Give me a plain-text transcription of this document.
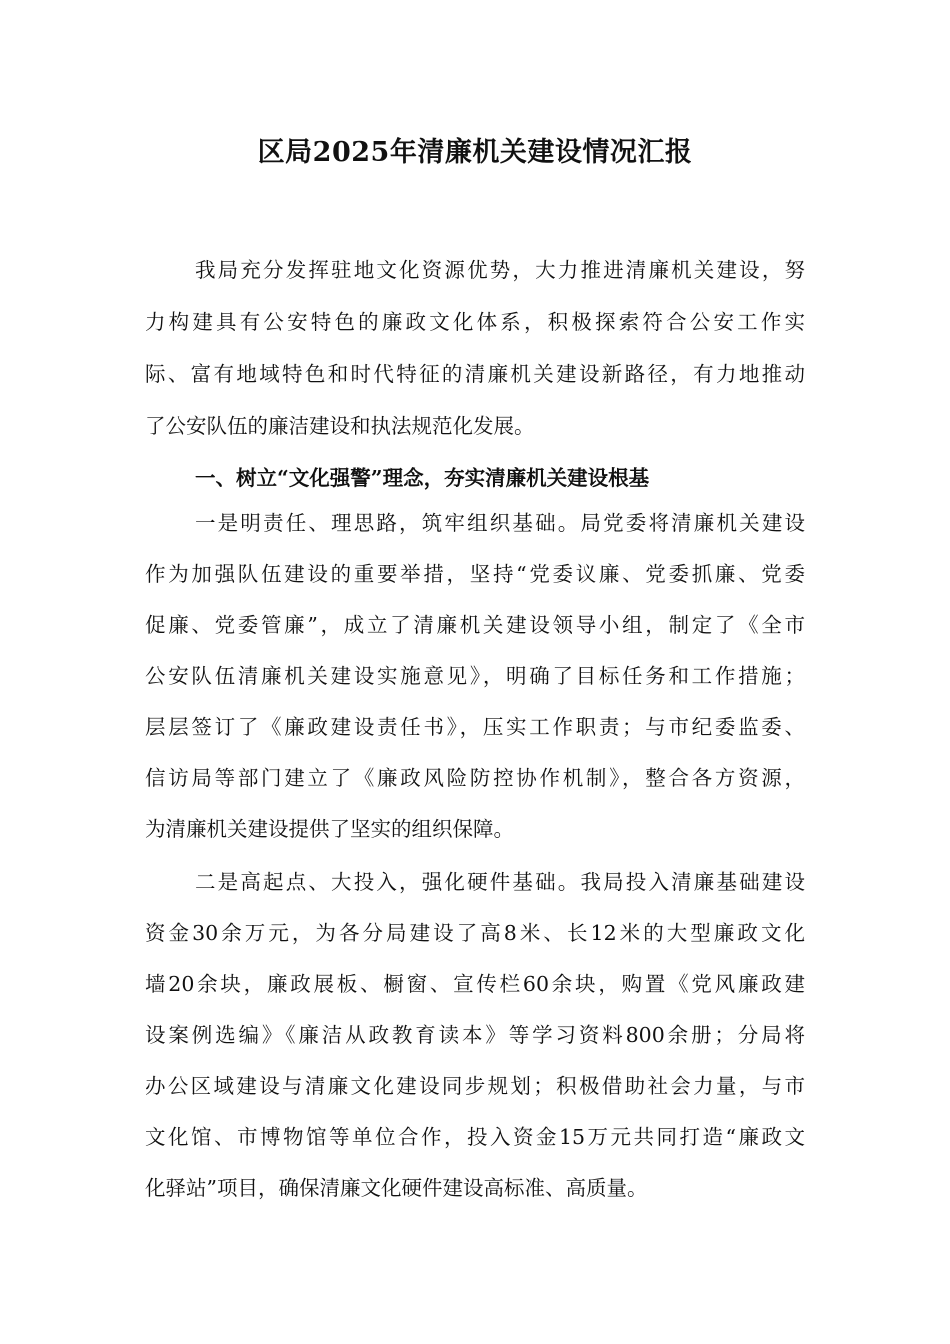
区局2025年清廉机关建设情况汇报
我局充分发挥驻地文化资源优势，大力推进清廉机关建设，努
力构建具有公安特色的廉政文化体系，积极探索符合公安工作实
际、富有地域特色和时代特征的清廉机关建设新路径，有力地推动
了公安队伍的廉洁建设和执法规范化发展。
一、树立“文化强警”理念，夯实清廉机关建设根基
一是明责任、理思路，筑牢组织基础。局党委将清廉机关建设
作为加强队伍建设的重要举措，坚持“党委议廉、党委抓廉、党委
促廉、党委管廉”，成立了清廉机关建设领导小组，制定了《全市
公安队伍清廉机关建设实施意见》，明确了目标任务和工作措施；
层层签订了《廉政建设责任书》，压实工作职责；与市纪委监委、
信访局等部门建立了《廉政风险防控协作机制》，整合各方资源，
为清廉机关建设提供了坚实的组织保障。
二是高起点、大投入，强化硬件基础。我局投入清廉基础建设
资金30余万元，为各分局建设了高8米、长12米的大型廉政文化
墙20余块，廉政展板、橱窗、宣传栏60余块，购置《党风廉政建
设案例选编》《廉洁从政教育读本》等学习资料800余册；分局将
办公区域建设与清廉文化建设同步规划；积极借助社会力量，与市
文化馆、市博物馆等单位合作，投入资金15万元共同打造“廉政文
化驿站”项目，确保清廉文化硬件建设高标准、高质量。
